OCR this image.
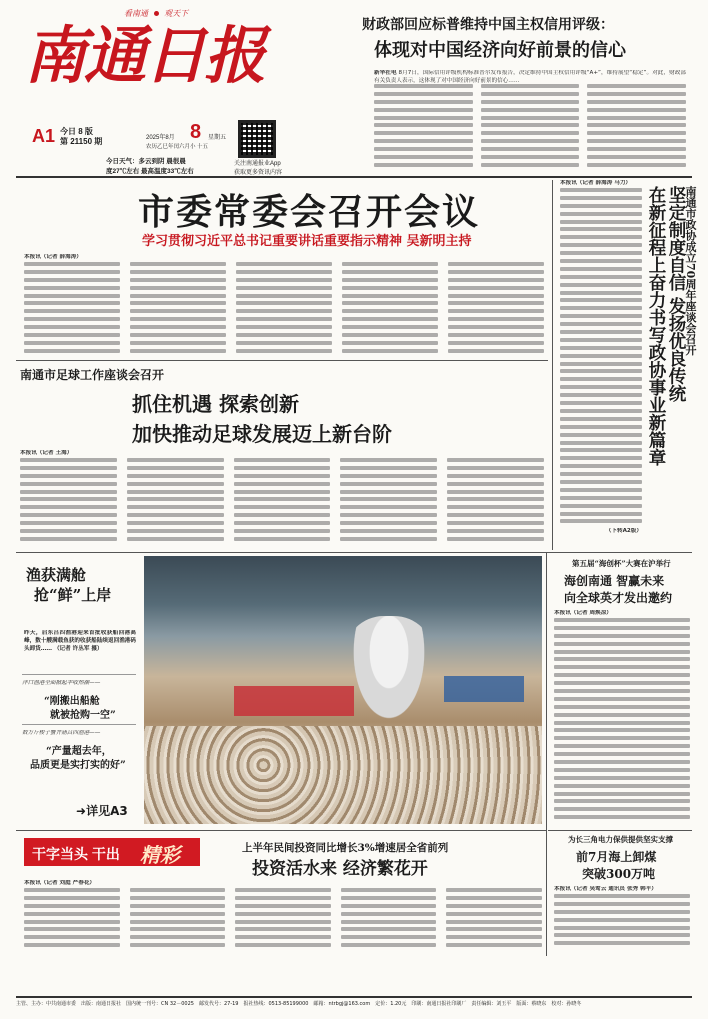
南通日报
看南通 观天下
A1 今日 8 版
第 21150 期	2025年8月 8 星期五
农历乙巳年闰六月小 十五
今日天气：多云到阴 晨很晨
度27℃左右 最高温度33℃左右
关注南通报业App
获取更多资讯内容
财政部回应标普维持中国主权信用评级：
体现对中国经济向好前景的信心
新华社电 8月7日，国际信用评级机构标准普尔发布报告，决定维持中国主权信用评级“A+”，维持展望“稳定”。对此，财政部有关负责人表示，这体现了对中国经济向好前景的信心……
市委常委会召开会议
学习贯彻习近平总书记重要讲话重要指示精神 吴新明主持
本报讯（记者 薛海涛）
本报讯（记者 薛海涛 马力）
（下转A2版）
在新征程上奋力书写政协事业新篇章 坚定制度自信 发扬优良传统
南通市政协成立70周年座谈会召开
南通市足球工作座谈会召开
抓住机遇 探索创新
加快推动足球发展迈上新台阶
本报讯（记者 王海）
渔获满舱
抢“鲜”上岸
昨天，启东吕四渔港迎来首批收获船回港高峰，数十艘满载鱼获的收获船陆续返回渔港码头卸货…… （记者 许丛军 摄）
洋口渔港全面掀起丰收热潮——
“刚搬出船舱
就被抢购一空”
数万斤梭子蟹齐涌吕四渔港——
“产量超去年，
品质更是实打实的好”
➜详见A3
第五届“海创杯”大赛在沪举行
海创南通 智赢未来
向全球英才发出邀约
本报讯（记者 周焕凉）
为长三角电力保供提供坚实支撑
前7月海上卸煤
突破300万吨
本报讯（记者 吴莺云 通讯员 张秀 韩平）
干字当头 干出 精彩	上半年民间投资同比增长3%增速居全省前列
投资活水来 经济繁花开
本报讯（记者 刘庭 严春花）
主管、主办：中共南通市委 出版：南通日报社 国内统一刊号：CN 32－0025 邮发代号：27-19 报社热线：0513-85199000 邮箱：ntrbgj@163.com 定价：1.20元 印刷：南通日报社印刷厂 责任编辑：刘玉平 版面：蔡晓东 校对：孙晓冬
